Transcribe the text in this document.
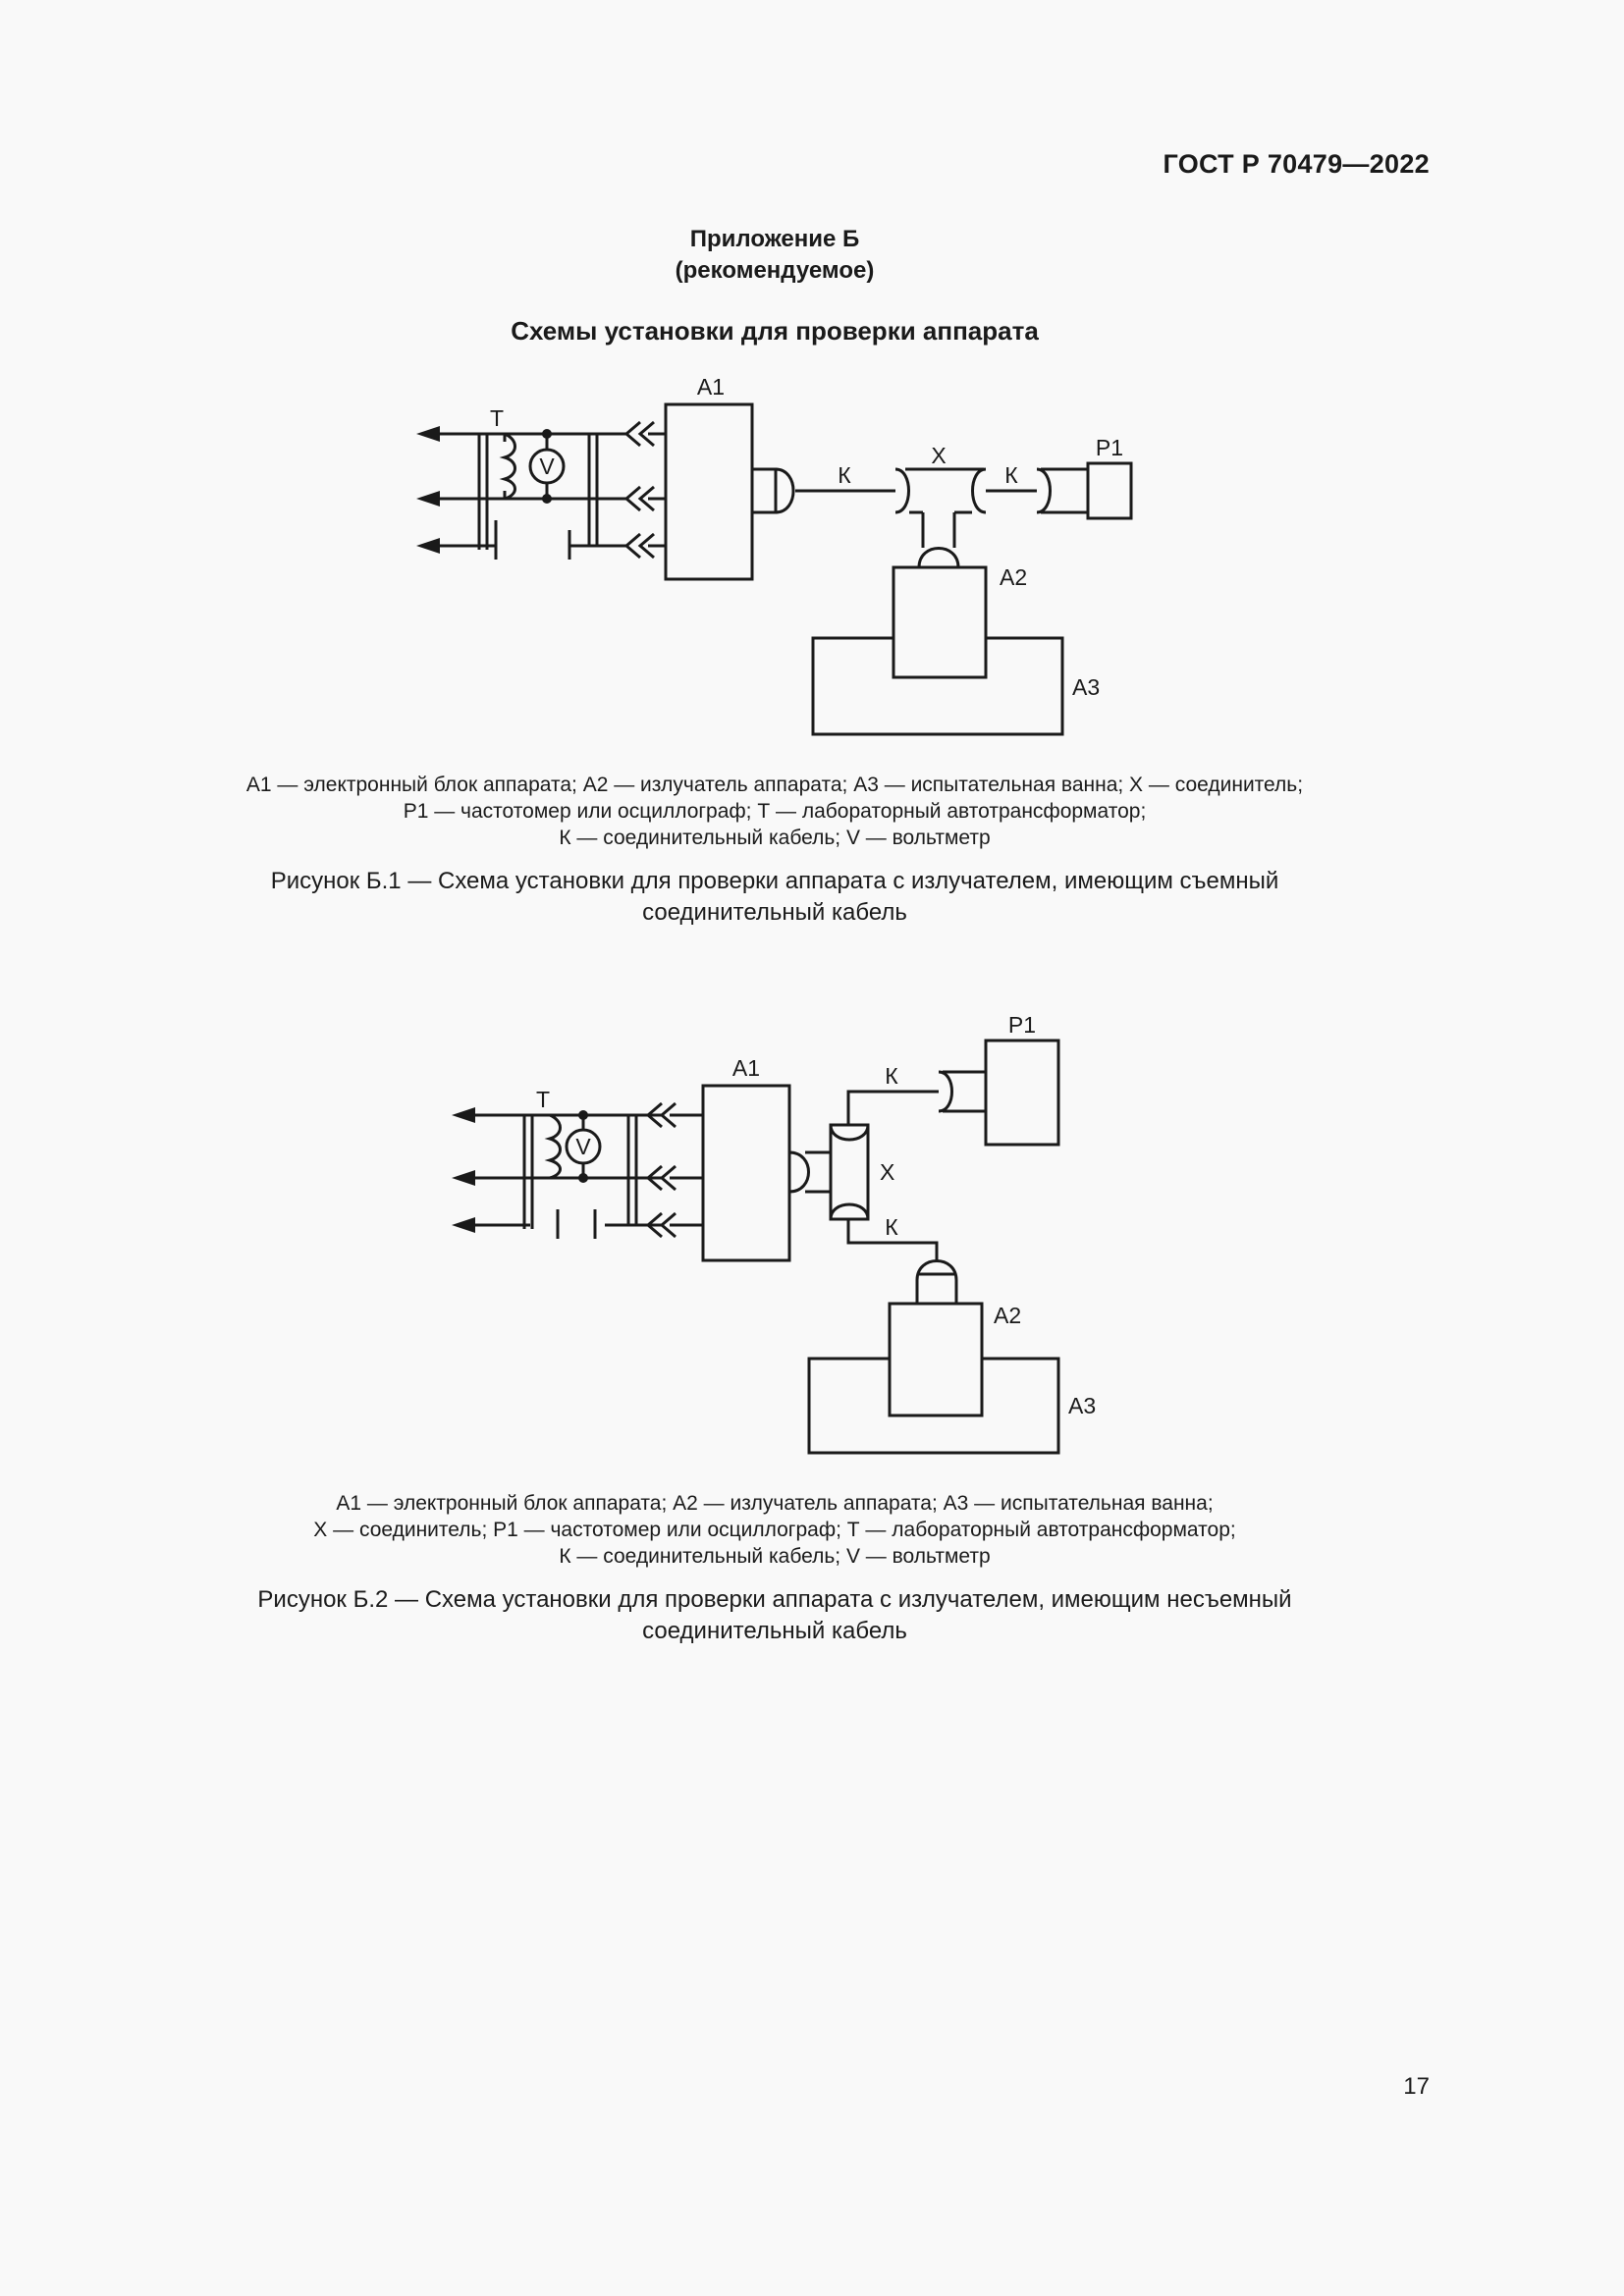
ГОСТ Р 70479—2022
Приложение Б
(рекомендуемое)
Схемы установки для проверки аппарата
Т
V
А1
К
Х
К
Р1
А2
А3
А1 — электронный блок аппарата; А2 — излучатель аппарата; А3 — испытательная ванна; Х — соединитель;
Р1 — частотомер или осциллограф; Т — лабораторный автотрансформатор;
К — соединительный кабель; V — вольтметр
Рисунок Б.1 — Схема установки для проверки аппарата с излучателем, имеющим съемный
соединительный кабель
Т
V
А1
Х
К
Р1
К
А2
А3
А1 — электронный блок аппарата; А2 — излучатель аппарата; А3 — испытательная ванна;
Х — соединитель; Р1 — частотомер или осциллограф; Т — лабораторный автотрансформатор;
К — соединительный кабель; V — вольтметр
Рисунок Б.2 — Схема установки для проверки аппарата с излучателем, имеющим несъемный
соединительный кабель
17
